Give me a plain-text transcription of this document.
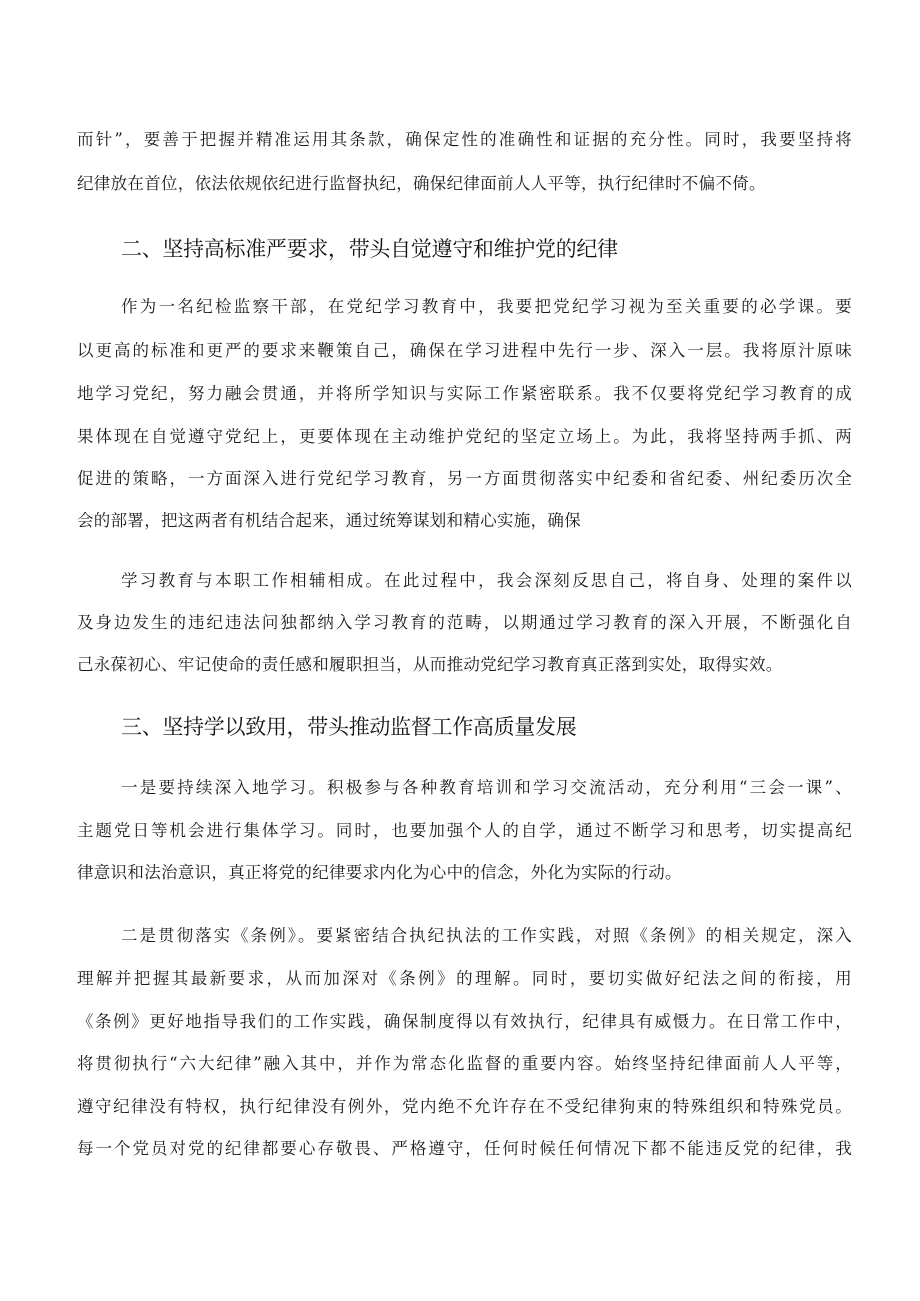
而针”，要善于把握并精准运用其条款，确保定性的准确性和证据的充分性。同时，我要坚持将
纪律放在首位，依法依规依纪进行监督执纪，确保纪律面前人人平等，执行纪律时不偏不倚。
二、坚持高标准严要求，带头自觉遵守和维护党的纪律
作为一名纪检监察干部，在党纪学习教育中，我要把党纪学习视为至关重要的必学课。要
以更高的标准和更严的要求来鞭策自己，确保在学习进程中先行一步、深入一层。我将原汁原味
地学习党纪，努力融会贯通，并将所学知识与实际工作紧密联系。我不仅要将党纪学习教育的成
果体现在自觉遵守党纪上，更要体现在主动维护党纪的坚定立场上。为此，我将坚持两手抓、两
促进的策略，一方面深入进行党纪学习教育，另一方面贯彻落实中纪委和省纪委、州纪委历次全
会的部署，把这两者有机结合起来，通过统筹谋划和精心实施，确保
学习教育与本职工作相辅相成。在此过程中，我会深刻反思自己，将自身、处理的案件以
及身边发生的违纪违法问独都纳入学习教育的范畴，以期通过学习教育的深入开展，不断强化自
己永葆初心、牢记使命的责任感和履职担当，从而推动党纪学习教育真正落到实处，取得实效。
三、坚持学以致用，带头推动监督工作高质量发展
一是要持续深入地学习。积极参与各种教育培训和学习交流活动，充分利用“三会一课”、
主题党日等机会进行集体学习。同时，也要加强个人的自学，通过不断学习和思考，切实提高纪
律意识和法治意识，真正将党的纪律要求内化为心中的信念，外化为实际的行动。
二是贯彻落实《条例》。要紧密结合执纪执法的工作实践，对照《条例》的相关规定，深入
理解并把握其最新要求，从而加深对《条例》的理解。同时，要切实做好纪法之间的衔接，用
《条例》更好地指导我们的工作实践，确保制度得以有效执行，纪律具有威慑力。在日常工作中，
将贯彻执行“六大纪律”融入其中，并作为常态化监督的重要内容。始终坚持纪律面前人人平等，
遵守纪律没有特权，执行纪律没有例外，党内绝不允许存在不受纪律狗束的特殊组织和特殊党员。
每一个党员对党的纪律都要心存敬畏、严格遵守，任何时候任何情况下都不能违反党的纪律，我
